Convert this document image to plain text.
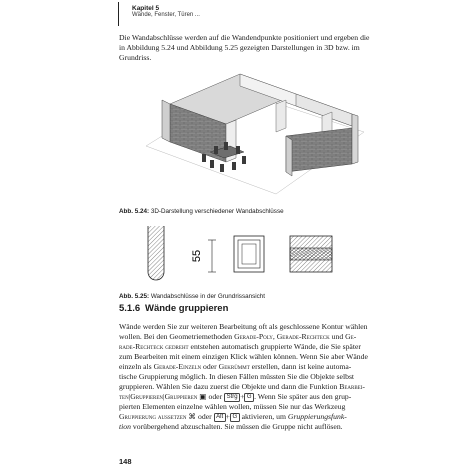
Kapitel 5
Wände, Fenster, Türen ...
Die Wandabschlüsse werden auf die Wandendpunkte positioniert und ergeben die
in Abbildung 5.24 und Abbildung 5.25 gezeigten Darstellungen in 3D bzw. im
Grundriss.
Abb. 5.24: 3D-Darstellung verschiedener Wandabschlüsse
55
Abb. 5.25: Wandabschlüsse in der Grundrissansicht
5.1.6 Wände gruppieren
Wände werden Sie zur weiteren Bearbeitung oft als geschlossene Kontur wählen
wollen. Bei den Geometriemethoden Gerade-Poly, Gerade-Rechteck und Ge-
rade-Rechteck gedreht entstehen automatisch gruppierte Wände, die Sie später
zum Bearbeiten mit einem einzigen Klick wählen können. Wenn Sie aber Wände
einzeln als Gerade-Einzeln oder Gekrümmt erstellen, dann ist keine automa-
tische Gruppierung möglich. In diesen Fällen müssten Sie die Objekte selbst
gruppieren. Wählen Sie dazu zuerst die Objekte und dann die Funktion Bearbei-
ten|Gruppieren|Gruppieren ▣ oder Strg + G . Wenn Sie später aus den grup-
pierten Elementen einzelne wählen wollen, müssen Sie nur das Werkzeug
Gruppierung aussetzen ⌘ oder Alt + G aktivieren, um Gruppierungsfunk-
tion vorübergehend abzuschalten. Sie müssen die Gruppe nicht auflösen.
148
